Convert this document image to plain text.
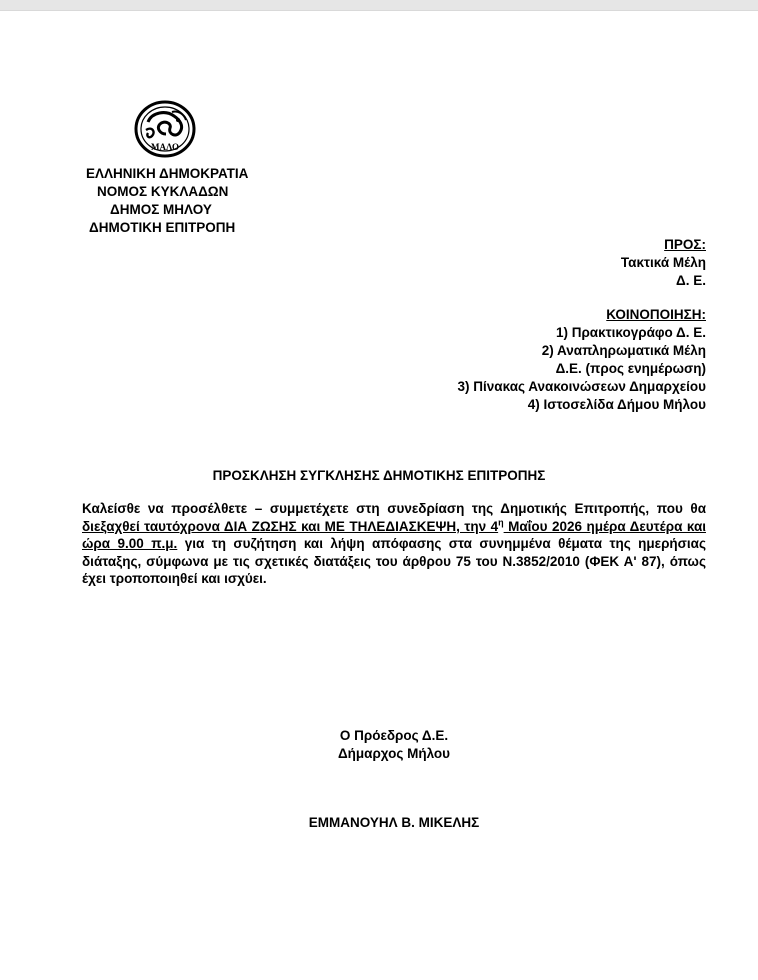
ΜΑΛΟ
ΕΛΛΗΝΙΚΗ ΔΗΜΟΚΡΑΤΙΑ
ΝΟΜΟΣ ΚΥΚΛΑΔΩΝ
ΔΗΜΟΣ ΜΗΛΟΥ
ΔΗΜΟΤΙΚΗ ΕΠΙΤΡΟΠΗ
ΠΡΟΣ:
Τακτικά Μέλη
Δ. Ε.
ΚΟΙΝΟΠΟΙΗΣΗ:
1) Πρακτικογράφο Δ. Ε.
2) Αναπληρωματικά Μέλη
Δ.Ε. (προς ενημέρωση)
3) Πίνακας Ανακοινώσεων Δημαρχείου
4) Ιστοσελίδα Δήμου Μήλου
ΠΡΟΣΚΛΗΣΗ ΣΥΓΚΛΗΣΗΣ ΔΗΜΟΤΙΚΗΣ ΕΠΙΤΡΟΠΗΣ
Καλείσθε να προσέλθετε – συμμετέχετε στη συνεδρίαση της Δημοτικής Επιτροπής, που θα διεξαχθεί ταυτόχρονα ΔΙΑ ΖΩΣΗΣ και ΜΕ ΤΗΛΕΔΙΑΣΚΕΨΗ, την $4^\eta$ Μαΐου 2026 ημέρα Δευτέρα και ώρα 9.00 π.μ. για τη συζήτηση και λήψη απόφασης στα συνημμένα θέματα της ημερήσιας διάταξης, σύμφωνα με τις σχετικές διατάξεις του άρθρου 75 του Ν.3852/2010 (ΦΕΚ Α' 87), όπως έχει τροποποιηθεί και ισχύει.
Ο Πρόεδρος Δ.Ε.
Δήμαρχος Μήλου
ΕΜΜΑΝΟΥΗΛ Β. ΜΙΚΕΛΗΣ
